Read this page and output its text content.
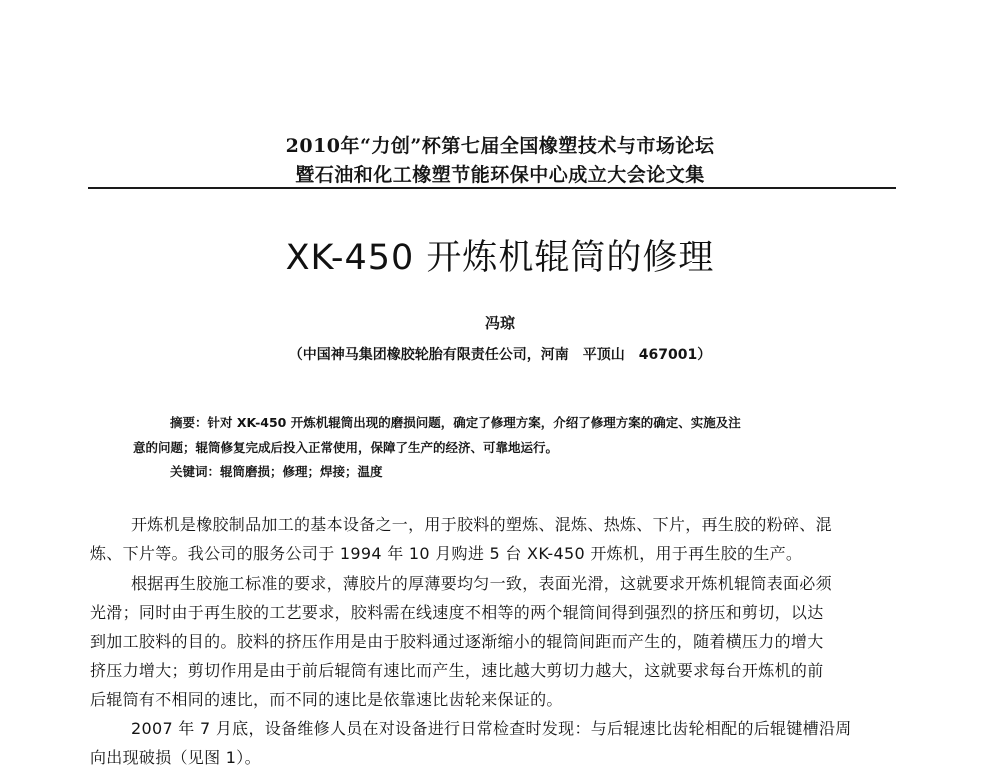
2010年“力创”杯第七届全国橡塑技术与市场论坛
暨石油和化工橡塑节能环保中心成立大会论文集
XK-450 开炼机辊筒的修理
冯琼
（中国神马集团橡胶轮胎有限责任公司，河南　平顶山　467001）
摘要：针对 XK-450 开炼机辊筒出现的磨损问题，确定了修理方案，介绍了修理方案的确定、实施及注
意的问题；辊筒修复完成后投入正常使用，保障了生产的经济、可靠地运行。
关键词：辊筒磨损；修理；焊接；温度
开炼机是橡胶制品加工的基本设备之一，用于胶料的塑炼、混炼、热炼、下片，再生胶的粉碎、混
炼、下片等。我公司的服务公司于 1994 年 10 月购进 5 台 XK-450 开炼机，用于再生胶的生产。
根据再生胶施工标准的要求，薄胶片的厚薄要均匀一致，表面光滑，这就要求开炼机辊筒表面必须
光滑；同时由于再生胶的工艺要求，胶料需在线速度不相等的两个辊筒间得到强烈的挤压和剪切，以达
到加工胶料的目的。胶料的挤压作用是由于胶料通过逐渐缩小的辊筒间距而产生的，随着横压力的增大
挤压力增大；剪切作用是由于前后辊筒有速比而产生，速比越大剪切力越大，这就要求每台开炼机的前
后辊筒有不相同的速比，而不同的速比是依靠速比齿轮来保证的。
2007 年 7 月底，设备维修人员在对设备进行日常检查时发现：与后辊速比齿轮相配的后辊键槽沿周
向出现破损（见图 1）。
